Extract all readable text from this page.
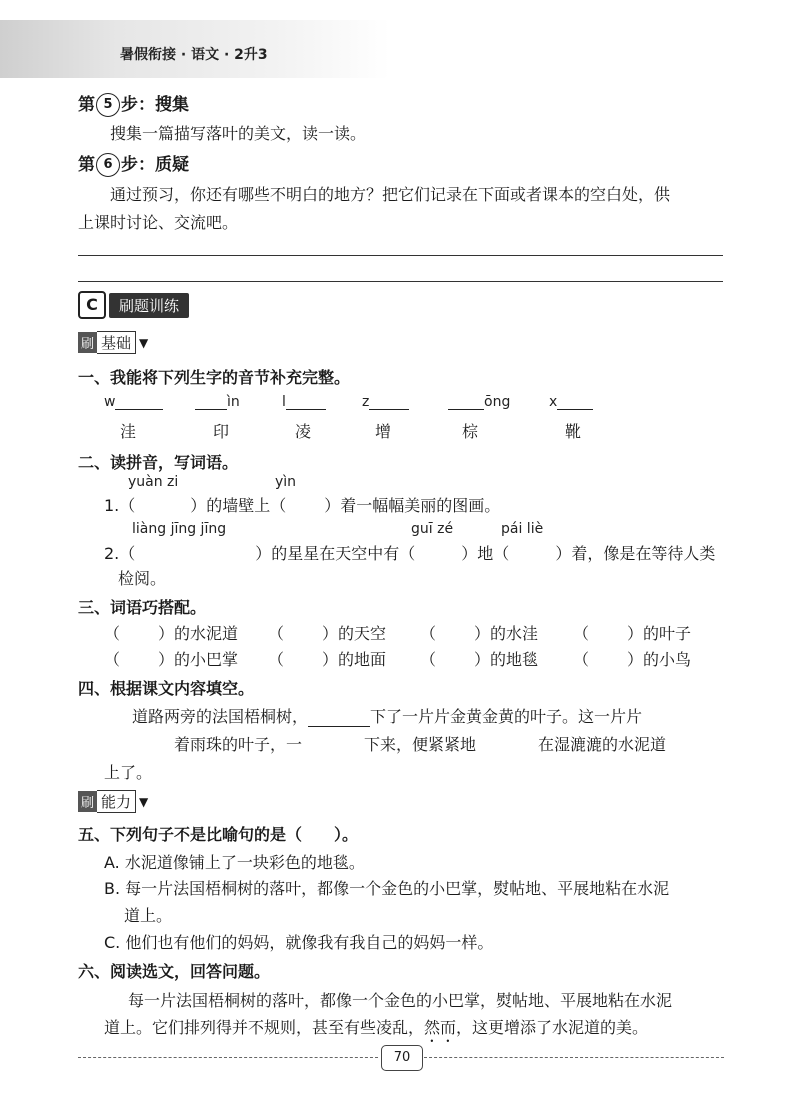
暑假衔接 · 语文 · 2升3
第 5 步：搜集
搜集一篇描写落叶的美文，读一读。
第 6 步：质疑
通过预习，你还有哪些不明白的地方？把它们记录在下面或者课本的空白处，供
上课时讨论、交流吧。
C	刷题训练
刷 基础 ▼
一、我能将下列生字的音节补充完整。
w	ìn	l	z	ōng	x
洼	印	凌	增	棕	靴
二、读拼音，写词语。
yuàn zi	yìn
1.（	）的墙壁上（ ）着一幅幅美丽的图画。
liàng jīng jīng	guī zé	pái liè
2.（	）的星星在天空中有（	）地（	）着，像是在等待人类
检阅。
三、词语巧搭配。
（ ）的水泥道 （ ）的天空 （ ）的水洼 （ ）的叶子
（ ）的小巴掌 （ ）的地面 （ ）的地毯 （ ）的小鸟
四、根据课文内容填空。
道路两旁的法国梧桐树，	下了一片片金黄金黄的叶子。这一片片
着雨珠的叶子，一	下来，便紧紧地	在湿漉漉的水泥道
上了。
刷 能力 ▼
五、下列句子不是比喻句的是（　　）。
A. 水泥道像铺上了一块彩色的地毯。
B. 每一片法国梧桐树的落叶，都像一个金色的小巴掌，熨帖地、平展地粘在水泥
道上。
C. 他们也有他们的妈妈，就像我有我自己的妈妈一样。
六、阅读选文，回答问题。
每一片法国梧桐树的落叶，都像一个金色的小巴掌，熨帖地、平展地粘在水泥
道上。它们排列得并不规则，甚至有些凌乱，然而，这更增添了水泥道的美。
70
